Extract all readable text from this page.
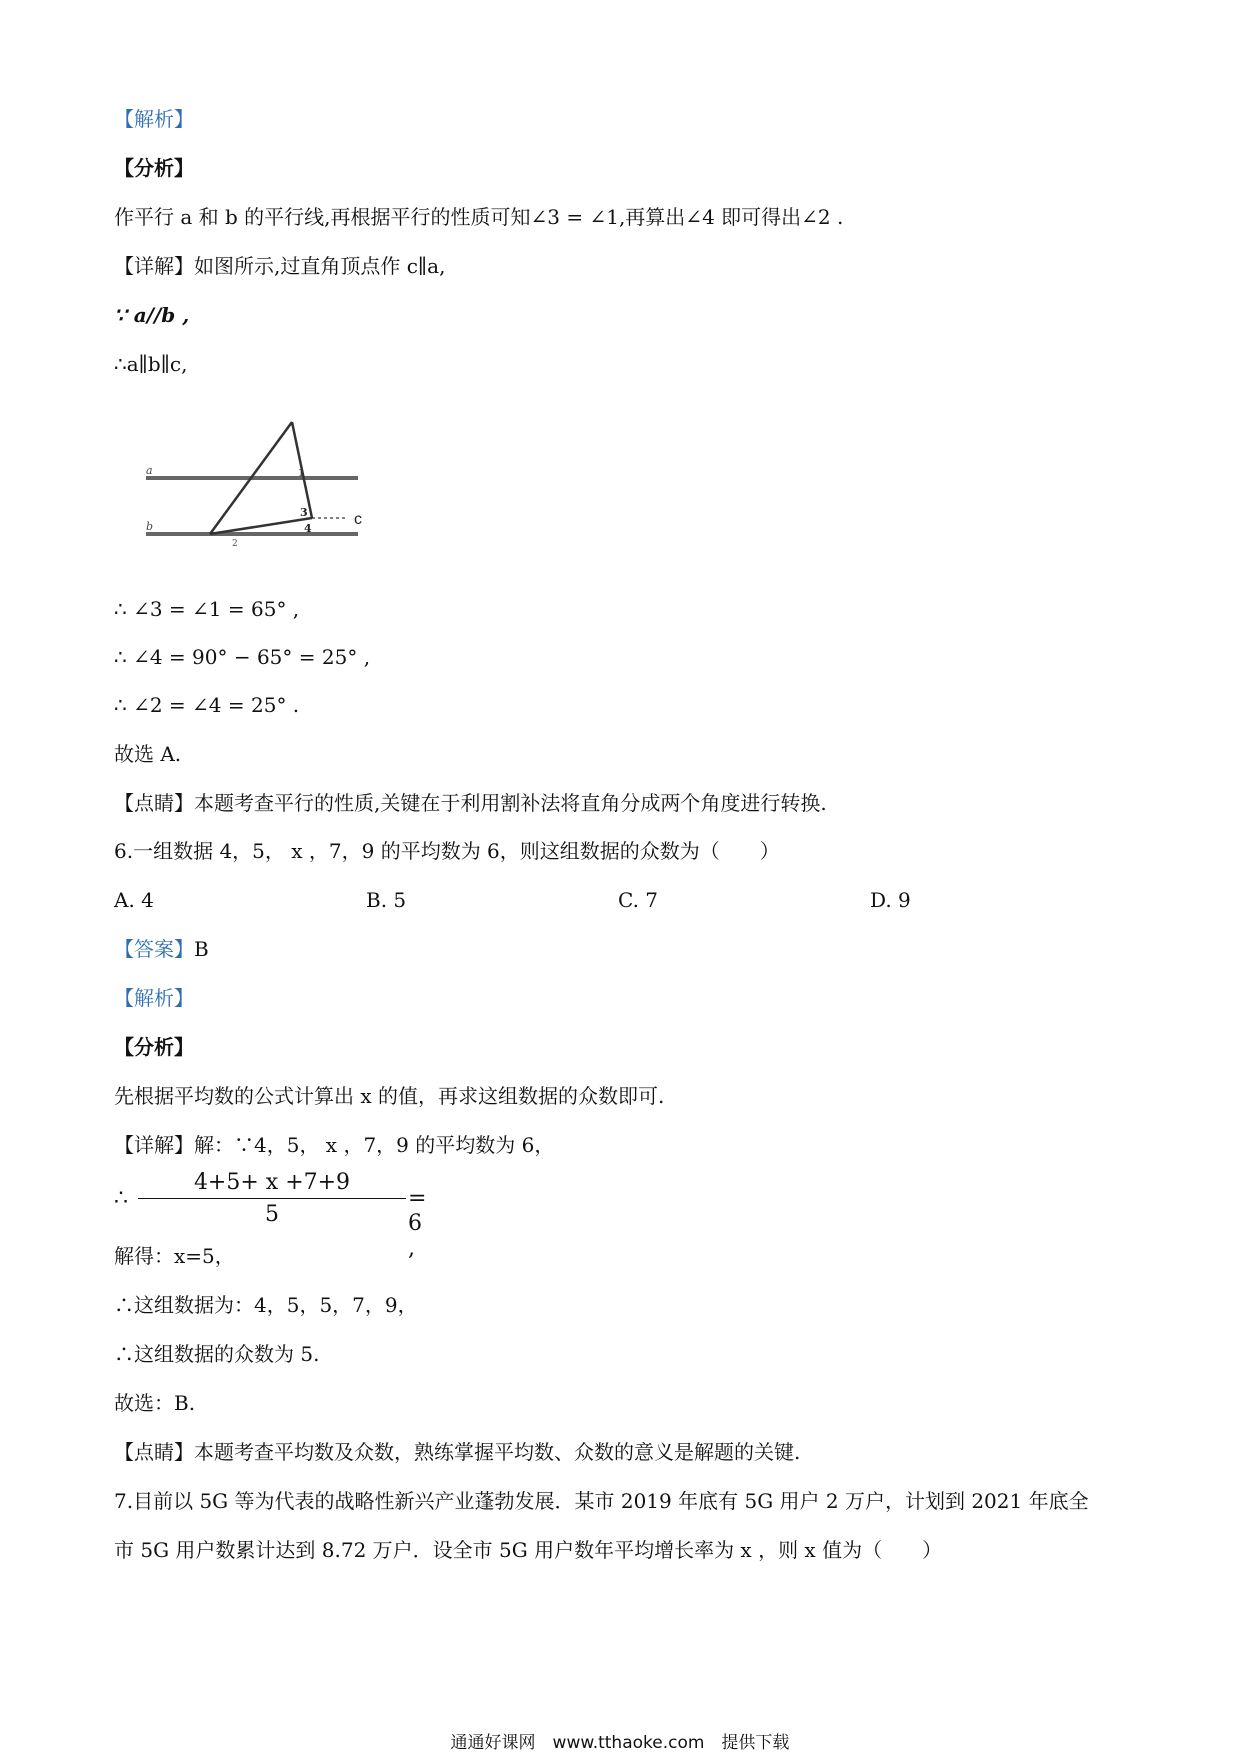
【解析】
【分析】
作平行 a 和 b 的平行线,再根据平行的性质可知∠3 = ∠1,再算出∠4 即可得出∠2 .
【详解】如图所示,过直角顶点作 c∥a,
∵ a//b ,
∴a∥b∥c,
a
b	c
1
2
3
4
∴ ∠3 = ∠1 = 65° ,
∴ ∠4 = 90° − 65° = 25° ,
∴ ∠2 = ∠4 = 25° .
故选 A.
【点睛】本题考查平行的性质,关键在于利用割补法将直角分成两个角度进行转换.
6.一组数据 4，5， x ，7，9 的平均数为 6，则这组数据的众数为（　　）
A. 4	B. 5	C. 7	D. 9
【答案】B
【解析】
【分析】
先根据平均数的公式计算出 x 的值，再求这组数据的众数即可.
【详解】解：∵4，5， x ，7，9 的平均数为 6，
∴
4+5+ x +7+9
5
= 6 ,
解得：x=5，
∴这组数据为：4，5，5，7，9，
∴这组数据的众数为 5.
故选：B.
【点睛】本题考查平均数及众数，熟练掌握平均数、众数的意义是解题的关键.
7.目前以 5G 等为代表的战略性新兴产业蓬勃发展．某市 2019 年底有 5G 用户 2 万户，计划到 2021 年底全
市 5G 用户数累计达到 8.72 万户．设全市 5G 用户数年平均增长率为 x ，则 x 值为（　　）
通通好课网　www.tthaoke.com　提供下载
